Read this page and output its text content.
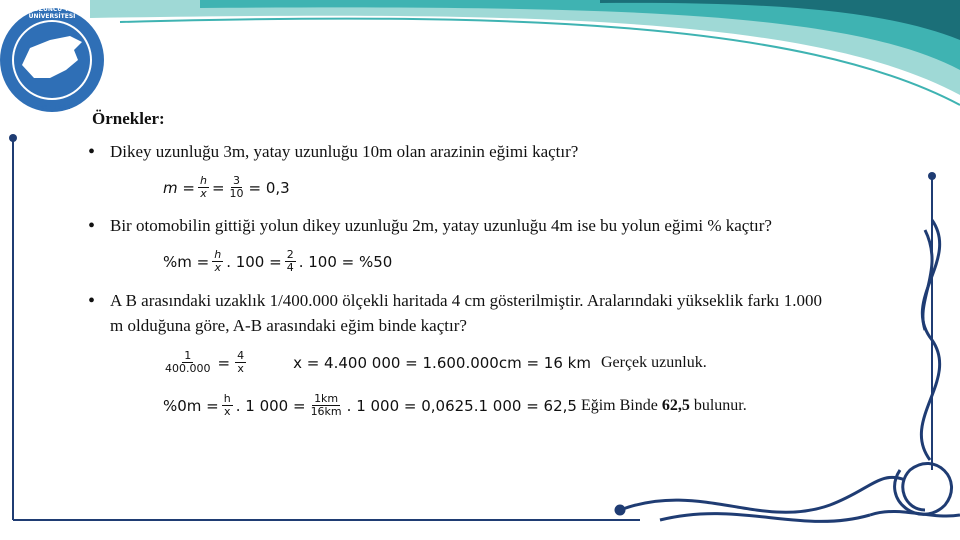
YÜZÜNCÜ YIL ÜNİVERSİTESİ
VAN · 1982
Örnekler:
• Dikey uzunluğu 3m, yatay uzunluğu 10m olan arazinin eğimi kaçtır?
$m = \frac{h}{x} = \frac{3}{10} = 0,3$
• Bir otomobilin gittiği yolun dikey uzunluğu 2m, yatay uzunluğu 4m ise bu yolun eğimi % kaçtır?
$\%m = \frac{h}{x}$ . $100 = \frac{2}{4}$ . 100 = %50
• A B arasındaki uzaklık 1/400.000 ölçekli haritada 4 cm gösterilmiştir. Aralarındaki yükseklik farkı 1.000
m olduğuna göre, A-B arasındaki eğim binde kaçtır?
$\frac{1}{400.000} = \frac{4}{x}$	x = 4.400 000 = 1.600.000cm = 16 km Gerçek uzunluk.
$\%0m = \frac{h}{x}$ . 1 $000 = \frac{1km}{16km}$ . 1 000 = 0,0625.1 000 = 62,5 Eğim Binde 62,5 bulunur.
